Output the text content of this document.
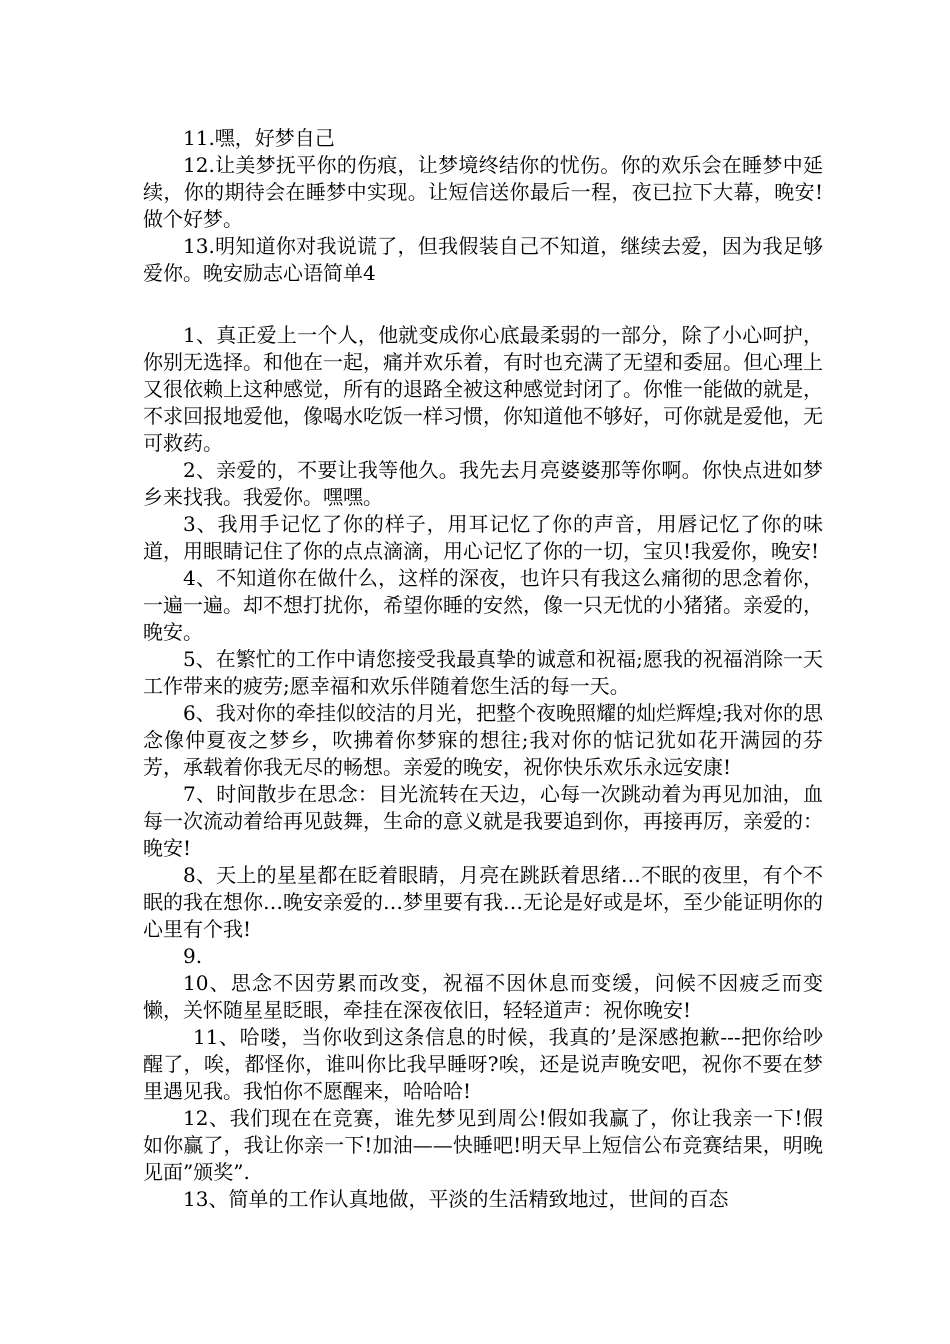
11.嘿，好梦自己

12.让美梦抚平你的伤痕，让梦境终结你的忧伤。你的欢乐会在睡梦中延续，你的期待会在睡梦中实现。让短信送你最后一程，夜已拉下大幕，晚安!做个好梦。

13.明知道你对我说谎了，但我假装自己不知道，继续去爱，因为我足够爱你。晚安励志心语简单4

1、真正爱上一个人，他就变成你心底最柔弱的一部分，除了小心呵护，你别无选择。和他在一起，痛并欢乐着，有时也充满了无望和委屈。但心理上又很依赖上这种感觉，所有的退路全被这种感觉封闭了。你惟一能做的就是，不求回报地爱他，像喝水吃饭一样习惯，你知道他不够好，可你就是爱他，无可救药。

2、亲爱的，不要让我等他久。我先去月亮婆婆那等你啊。你快点进如梦乡来找我。我爱你。嘿嘿。

3、我用手记忆了你的样子，用耳记忆了你的声音，用唇记忆了你的味道，用眼睛记住了你的点点滴滴，用心记忆了你的一切，宝贝!我爱你，晚安!

4、不知道你在做什么，这样的深夜，也许只有我这么痛彻的思念着你，一遍一遍。却不想打扰你，希望你睡的安然，像一只无忧的小猪猪。亲爱的，晚安。

5、在繁忙的工作中请您接受我最真挚的诚意和祝福;愿我的祝福消除一天工作带来的疲劳;愿幸福和欢乐伴随着您生活的每一天。

6、我对你的牵挂似皎洁的月光，把整个夜晚照耀的灿烂辉煌;我对你的思念像仲夏夜之梦乡，吹拂着你梦寐的想往;我对你的惦记犹如花开满园的芬芳，承载着你我无尽的畅想。亲爱的晚安，祝你快乐欢乐永远安康!

7、时间散步在思念：目光流转在天边，心每一次跳动着为再见加油，血每一次流动着给再见鼓舞，生命的意义就是我要追到你，再接再厉，亲爱的：晚安!

8、天上的星星都在眨着眼睛，月亮在跳跃着思绪…不眠的夜里，有个不眠的我在想你…晚安亲爱的…梦里要有我…无论是好或是坏，至少能证明你的心里有个我!

9.

10、思念不因劳累而改变，祝福不因休息而变缓，问候不因疲乏而变懒，关怀随星星眨眼，牵挂在深夜依旧，轻轻道声：祝你晚安!

11、哈喽，当你收到这条信息的时候，我真的’是深感抱歉---把你给吵醒了，唉，都怪你，谁叫你比我早睡呀?唉，还是说声晚安吧，祝你不要在梦里遇见我。我怕你不愿醒来，哈哈哈!

12、我们现在在竞赛，谁先梦见到周公!假如我赢了，你让我亲一下!假如你赢了，我让你亲一下!加油——快睡吧!明天早上短信公布竞赛结果，明晚见面”颁奖”.

13、简单的工作认真地做，平淡的生活精致地过，世间的百态
